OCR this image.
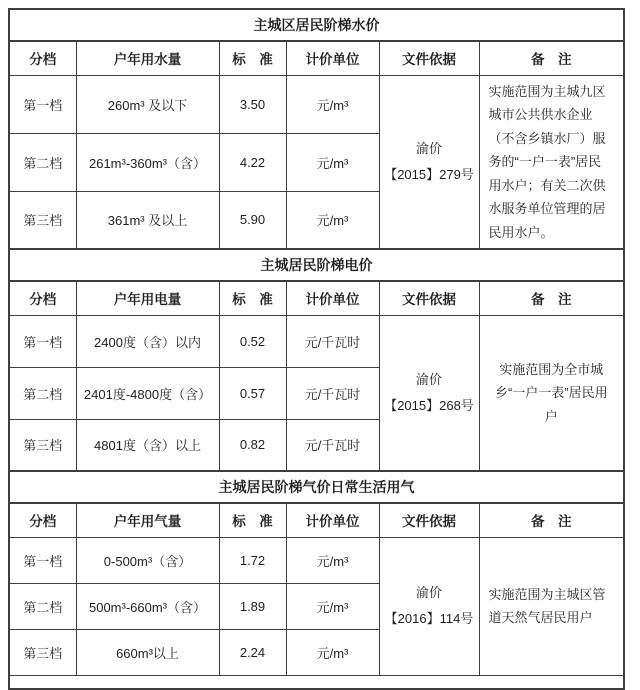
主城区居民阶梯水价					
分档	户年用水量	标　准	计价单位	文件依据	备　注
第一档	260m³ 及以下	3.50	元/m³	渝价
【2015】279号	实施范围为主城九区城市公共供水企业（不含乡镇水厂）服务的“一户一表”居民用水户；有关二次供水服务单位管理的居民用水户。
第二档	261m³-360m³（含）	4.22	元/m³		
第三档	361m³ 及以上	5.90	元/m³		
主城居民阶梯电价					
分档	户年用电量	标　准	计价单位	文件依据	备　注
第一档	2400度（含）以内	0.52	元/千瓦时	渝价
【2015】268号	实施范围为全市城乡“一户一表”居民用户
第二档	2401度-4800度（含）	0.57	元/千瓦时		
第三档	4801度（含）以上	0.82	元/千瓦时		
主城居民阶梯气价日常生活用气					
分档	户年用气量	标　准	计价单位	文件依据	备　注
第一档	0-500m³（含）	1.72	元/m³	渝价
【2016】114号	实施范围为主城区管道天然气居民用户
第二档	500m³-660m³（含）	1.89	元/m³		
第三档	660m³以上	2.24	元/m³		
